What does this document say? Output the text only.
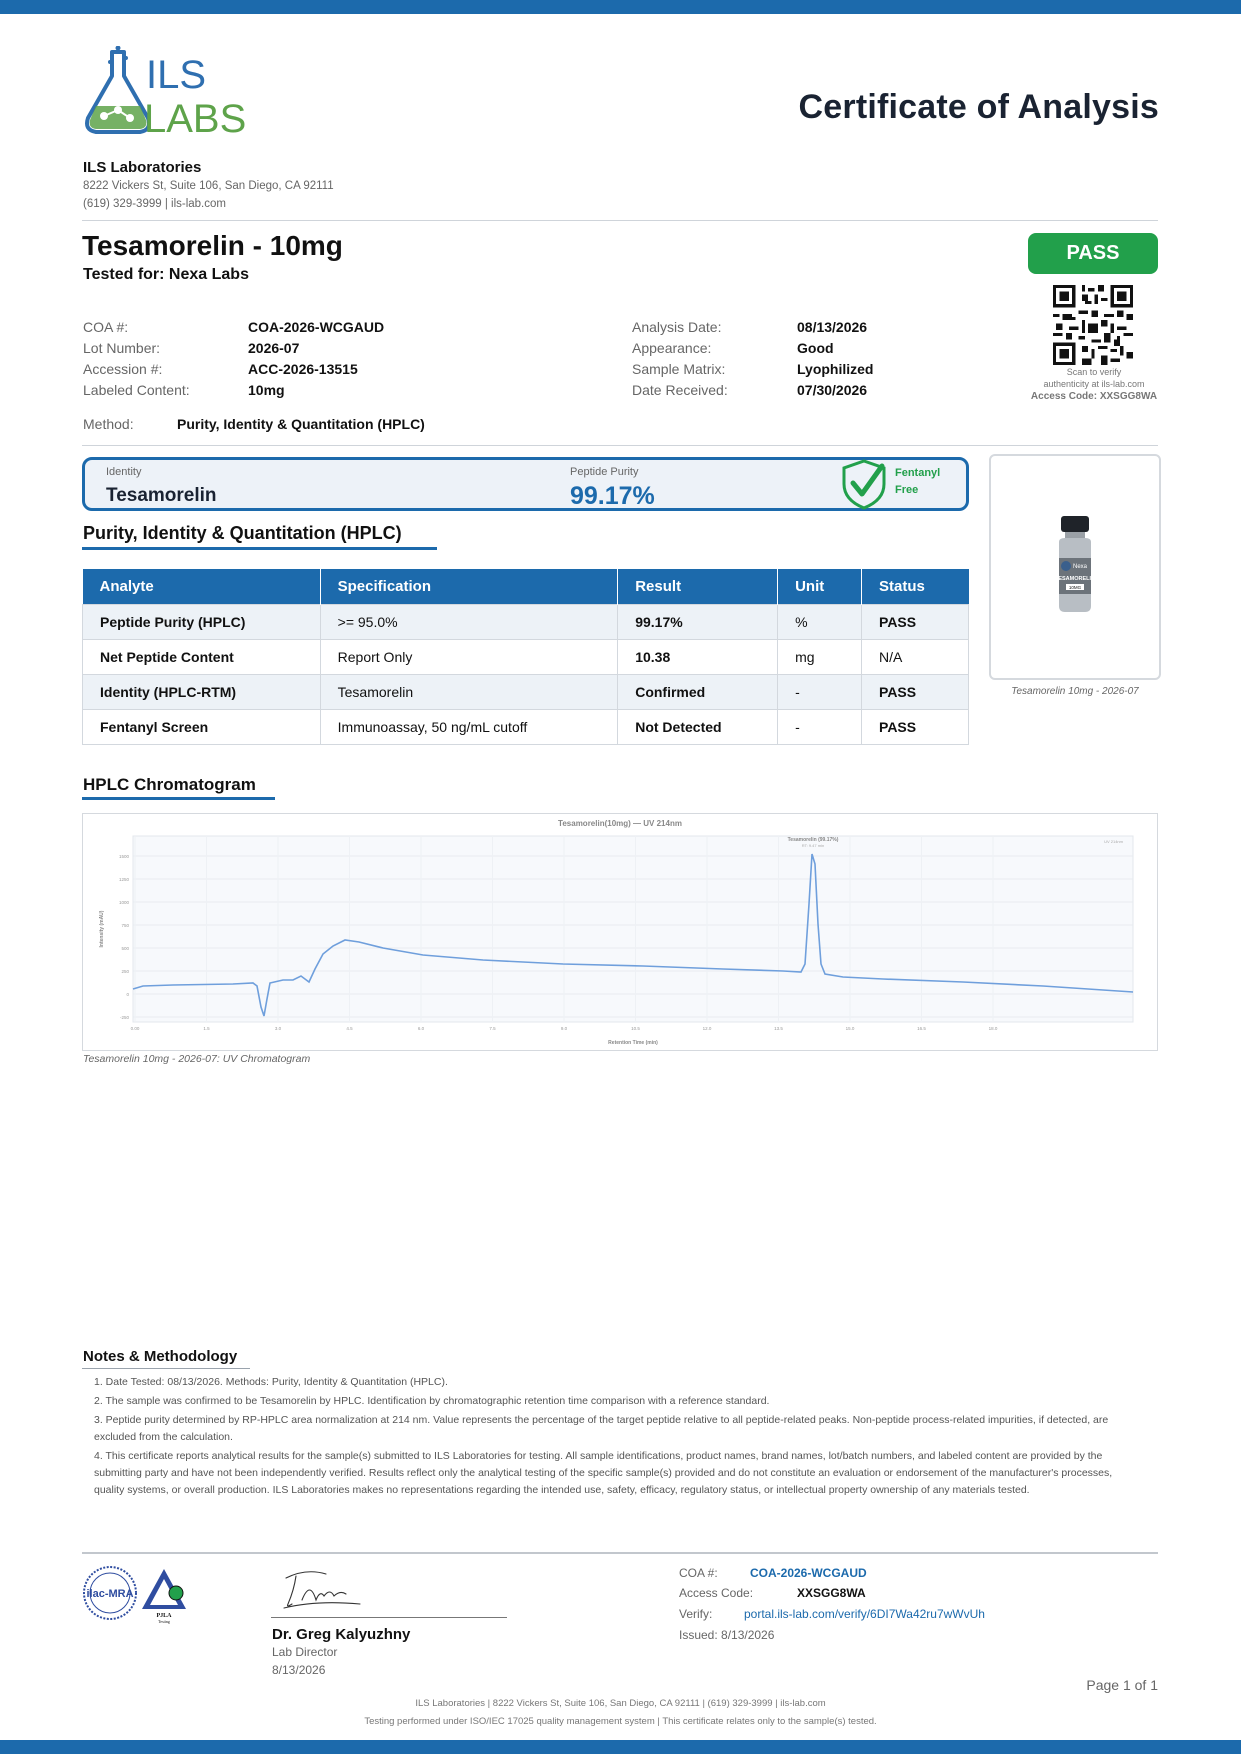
ILS
LABS	Certificate of Analysis
ILS Laboratories
8222 Vickers St, Suite 106, San Diego, CA 92111
(619) 329-3999 | ils-lab.com
Tesamorelin - 10mg
Tested for: Nexa Labs
PASS
Scan to verify
authenticity at ils-lab.com
Access Code: XXSGG8WA
COA #:	COA-2026-WCGAUD
Lot Number:	2026-07
Accession #:	ACC-2026-13515
Labeled Content:	10mg
Analysis Date:	08/13/2026
Appearance:	Good
Sample Matrix:	Lyophilized
Date Received:	07/30/2026
Method:	Purity, Identity & Quantitation (HPLC)
Identity
Tesamorelin
Peptide Purity
99.17%
Fentanyl
Free
Nexa
TESAMORELIN
10MG
Tesamorelin 10mg - 2026-07
Purity, Identity & Quantitation (HPLC)
Analyte	Specification	Result	Unit	Status
Peptide Purity (HPLC)	>= 95.0%	99.17%	%	PASS
Net Peptide Content	Report Only	10.38	mg	N/A
Identity (HPLC-RTM)	Tesamorelin	Confirmed	-	PASS
Fentanyl Screen	Immunoassay, 50 ng/mL cutoff	Not Detected	-	PASS
HPLC Chromatogram
Tesamorelin(10mg) — UV 214nm
1500
1250
1000
750
500
250
0
-250
0.00	1.5	3.0	4.5	6.0	7.5	9.0	10.5	12.0	13.5	15.0	16.5	18.0
Intensity (mAU)
Retention Time (min)
Tesamorelin (99.17%)
RT: 9.47 min
UV 214nm
Tesamorelin 10mg - 2026-07: UV Chromatogram
Notes & Methodology
1. Date Tested: 08/13/2026. Methods: Purity, Identity & Quantitation (HPLC).
2. The sample was confirmed to be Tesamorelin by HPLC. Identification by chromatographic retention time comparison with a reference standard.
3. Peptide purity determined by RP-HPLC area normalization at 214 nm. Value represents the percentage of the target peptide relative to all peptide-related peaks. Non-peptide process-related impurities, if detected, are excluded from the calculation.
4. This certificate reports analytical results for the sample(s) submitted to ILS Laboratories for testing. All sample identifications, product names, brand names, lot/batch numbers, and labeled content are provided by the submitting party and have not been independently verified. Results reflect only the analytical testing of the specific sample(s) provided and do not constitute an evaluation or endorsement of the manufacturer's processes, quality systems, or overall production. ILS Laboratories makes no representations regarding the intended use, safety, efficacy, regulatory status, or intellectual property ownership of any materials tested.
ilac-MRA
PJLA
Testing
Dr. Greg Kalyuzhny
Lab Director
8/13/2026
COA #:	COA-2026-WCGAUD
Access Code:	XXSGG8WA
Verify:	portal.ils-lab.com/verify/6DI7Wa42ru7wWvUh
Issued: 8/13/2026
Page 1 of 1
ILS Laboratories | 8222 Vickers St, Suite 106, San Diego, CA 92111 | (619) 329-3999 | ils-lab.com
Testing performed under ISO/IEC 17025 quality management system | This certificate relates only to the sample(s) tested.
